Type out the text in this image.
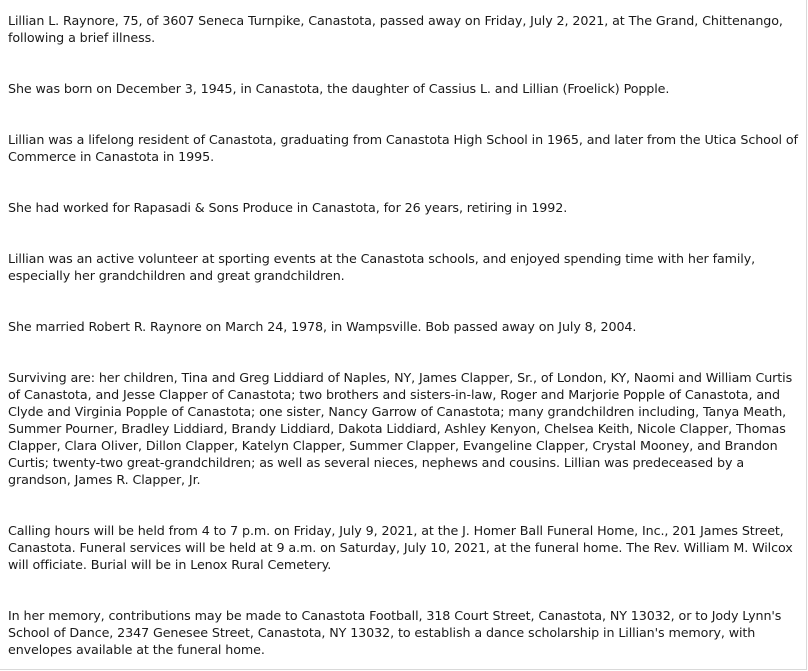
Lillian L. Raynore, 75, of 3607 Seneca Turnpike, Canastota, passed away on Friday, July 2, 2021, at The Grand, Chittenango, following a brief illness.

She was born on December 3, 1945, in Canastota, the daughter of Cassius L. and Lillian (Froelick) Popple.

Lillian was a lifelong resident of Canastota, graduating from Canastota High School in 1965, and later from the Utica School of Commerce in Canastota in 1995.

She had worked for Rapasadi & Sons Produce in Canastota, for 26 years, retiring in 1992.

Lillian was an active volunteer at sporting events at the Canastota schools, and enjoyed spending time with her family, especially her grandchildren and great grandchildren.

She married Robert R. Raynore on March 24, 1978, in Wampsville. Bob passed away on July 8, 2004.

Surviving are: her children, Tina and Greg Liddiard of Naples, NY, James Clapper, Sr., of London, KY, Naomi and William Curtis of Canastota, and Jesse Clapper of Canastota; two brothers and sisters-in-law, Roger and Marjorie Popple of Canastota, and Clyde and Virginia Popple of Canastota; one sister, Nancy Garrow of Canastota; many grandchildren including, Tanya Meath, Summer Pourner, Bradley Liddiard, Brandy Liddiard, Dakota Liddiard, Ashley Kenyon, Chelsea Keith, Nicole Clapper, Thomas Clapper, Clara Oliver, Dillon Clapper, Katelyn Clapper, Summer Clapper, Evangeline Clapper, Crystal Mooney, and Brandon Curtis; twenty-two great-grandchildren; as well as several nieces, nephews and cousins. Lillian was predeceased by a grandson, James R. Clapper, Jr.

Calling hours will be held from 4 to 7 p.m. on Friday, July 9, 2021, at the J. Homer Ball Funeral Home, Inc., 201 James Street, Canastota. Funeral services will be held at 9 a.m. on Saturday, July 10, 2021, at the funeral home. The Rev. William M. Wilcox will officiate. Burial will be in Lenox Rural Cemetery.

In her memory, contributions may be made to Canastota Football, 318 Court Street, Canastota, NY 13032, or to Jody Lynn's School of Dance, 2347 Genesee Street, Canastota, NY 13032, to establish a dance scholarship in Lillian's memory, with envelopes available at the funeral home.
